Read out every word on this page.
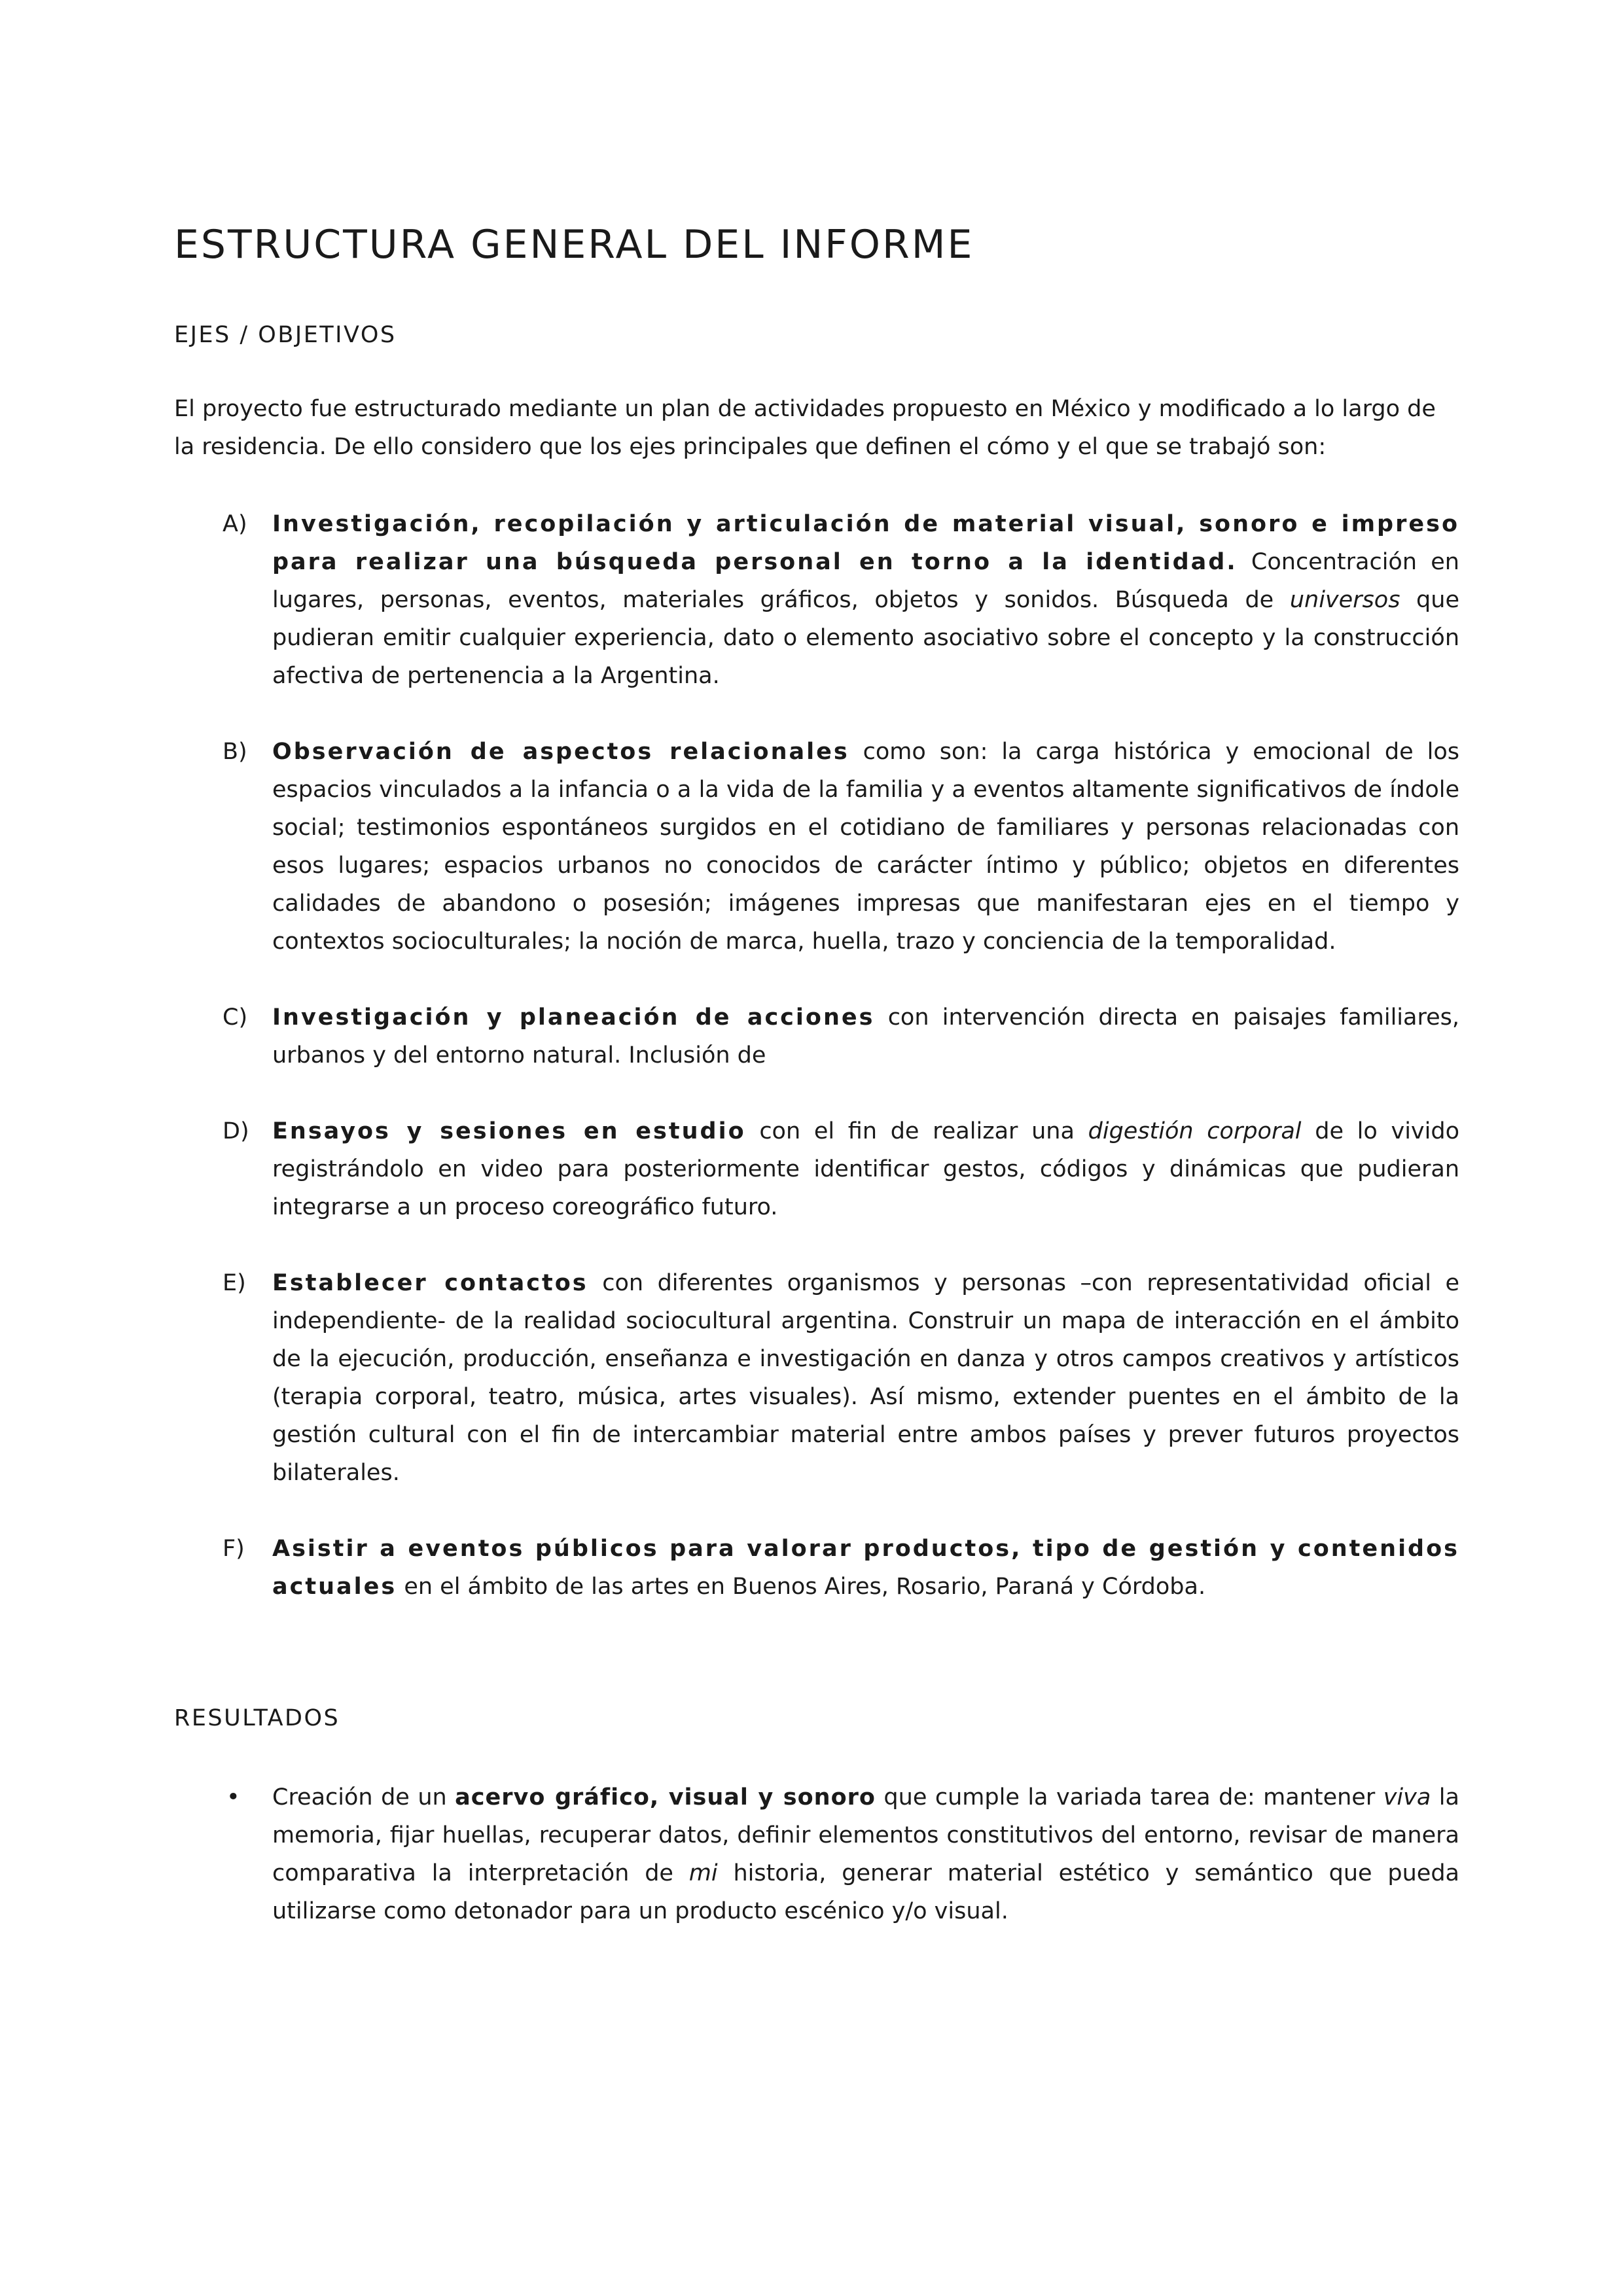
ESTRUCTURA GENERAL DEL INFORME
EJES / OBJETIVOS

El proyecto fue estructurado mediante un plan de actividades propuesto en México y modificado a lo largo de la residencia. De ello considero que los ejes principales que definen el cómo y el que se trabajó son:

A) Investigación, recopilación y articulación de material visual, sonoro e impreso para realizar una búsqueda personal en torno a la identidad. Concentración en lugares, personas, eventos, materiales gráficos, objetos y sonidos. Búsqueda de universos que pudieran emitir cualquier experiencia, dato o elemento asociativo sobre el concepto y la construcción afectiva de pertenencia a la Argentina.
B) Observación de aspectos relacionales como son: la carga histórica y emocional de los espacios vinculados a la infancia o a la vida de la familia y a eventos altamente significativos de índole social; testimonios espontáneos surgidos en el cotidiano de familiares y personas relacionadas con esos lugares; espacios urbanos no conocidos de carácter íntimo y público; objetos en diferentes calidades de abandono o posesión; imágenes impresas que manifestaran ejes en el tiempo y contextos socioculturales; la noción de marca, huella, trazo y conciencia de la temporalidad.
C) Investigación y planeación de acciones con intervención directa en paisajes familiares, urbanos y del entorno natural. Inclusión de
D) Ensayos y sesiones en estudio con el fin de realizar una digestión corporal de lo vivido registrándolo en video para posteriormente identificar gestos, códigos y dinámicas que pudieran integrarse a un proceso coreográfico futuro.
E) Establecer contactos con diferentes organismos y personas –con representatividad oficial e independiente- de la realidad sociocultural argentina. Construir un mapa de interacción en el ámbito de la ejecución, producción, enseñanza e investigación en danza y otros campos creativos y artísticos (terapia corporal, teatro, música, artes visuales). Así mismo, extender puentes en el ámbito de la gestión cultural con el fin de intercambiar material entre ambos países y prever futuros proyectos bilaterales.
F) Asistir a eventos públicos para valorar productos, tipo de gestión y contenidos actuales en el ámbito de las artes en Buenos Aires, Rosario, Paraná y Córdoba.
RESULTADOS
• Creación de un acervo gráfico, visual y sonoro que cumple la variada tarea de: mantener viva la memoria, fijar huellas, recuperar datos, definir elementos constitutivos del entorno, revisar de manera comparativa la interpretación de mi historia, generar material estético y semántico que pueda utilizarse como detonador para un producto escénico y/o visual.
